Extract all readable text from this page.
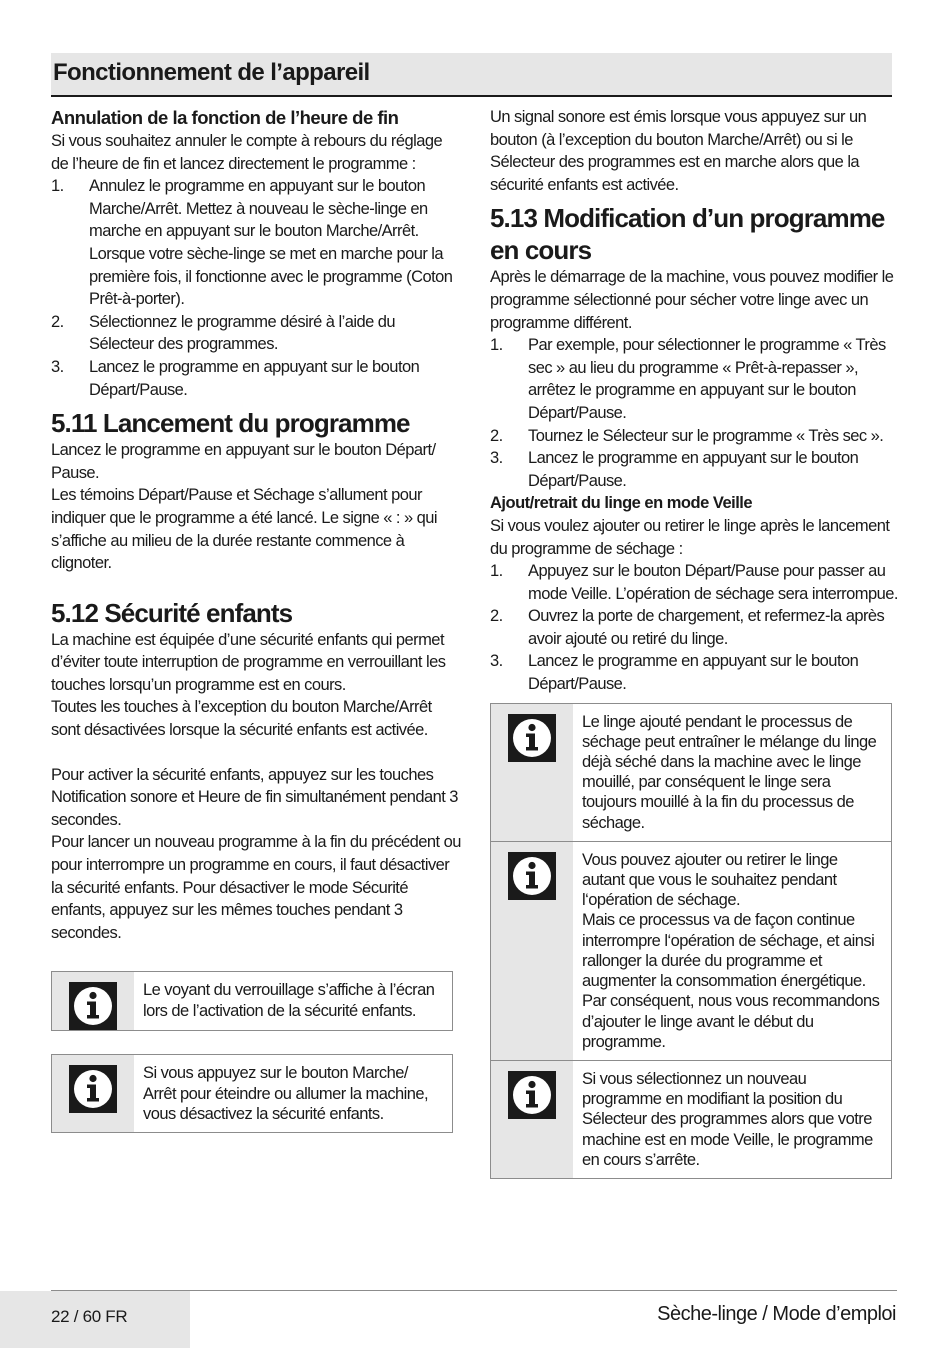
Fonctionnement de l’appareil

Annulation de la fonction de l’heure de fin

Si vous souhaitez annuler le compte à rebours du réglage de l’heure de fin et lancez directement le programme :

1. Annulez le programme en appuyant sur le bouton Marche/Arrêt. Mettez à nouveau le sèche-linge en marche en appuyant sur le bouton Marche/Arrêt. Lorsque votre sèche-linge se met en marche pour la première fois, il fonctionne avec le programme (Coton Prêt-à-porter).
2. Sélectionnez le programme désiré à l’aide du Sélecteur des programmes.
3. Lancez le programme en appuyant sur le bouton Départ/Pause.

5.11 Lancement du programme

Lancez le programme en appuyant sur le bouton Départ/ Pause.

Les témoins Départ/Pause et Séchage s’allument pour indiquer que le programme a été lancé. Le signe « : » qui s’affiche au milieu de la durée restante commence à clignoter.

5.12 Sécurité enfants

La machine est équipée d’une sécurité enfants qui permet d’éviter toute interruption de programme en verrouillant les touches lorsqu’un programme est en cours.

Toutes les touches à l’exception du bouton Marche/Arrêt sont désactivées lorsque la sécurité enfants est activée.

Pour activer la sécurité enfants, appuyez sur les touches Notification sonore et Heure de fin simultanément pendant 3 secondes.

Pour lancer un nouveau programme à la fin du précédent ou pour interrompre un programme en cours, il faut désactiver la sécurité enfants. Pour désactiver le mode Sécurité enfants, appuyez sur les mêmes touches pendant 3 secondes.

Le voyant du verrouillage s’affiche à l’écran lors de l’activation de la sécurité enfants.

Si vous appuyez sur le bouton Marche/ Arrêt pour éteindre ou allumer la machine, vous désactivez la sécurité enfants.

Un signal sonore est émis lorsque vous appuyez sur un bouton (à l’exception du bouton Marche/Arrêt) ou si le Sélecteur des programmes est en marche alors que la sécurité enfants est activée.

5.13 Modification d’un programme en cours

Après le démarrage de la machine, vous pouvez modifier le programme sélectionné pour sécher votre linge avec un programme différent.

1. Par exemple, pour sélectionner le programme « Très sec » au lieu du programme « Prêt-à-repasser », arrêtez le programme en appuyant sur le bouton Départ/Pause.
2. Tournez le Sélecteur sur le programme « Très sec ».
3. Lancez le programme en appuyant sur le bouton Départ/Pause.

Ajout/retrait du linge en mode Veille

Si vous voulez ajouter ou retirer le linge après le lancement du programme de séchage :

1. Appuyez sur le bouton Départ/Pause pour passer au mode Veille. L’opération de séchage sera interrompue.
2. Ouvrez la porte de chargement, et refermez-la après avoir ajouté ou retiré du linge.
3. Lancez le programme en appuyant sur le bouton Départ/Pause.

Le linge ajouté pendant le processus de séchage peut entraîner le mélange du linge déjà séché dans la machine avec le linge mouillé, par conséquent le linge sera toujours mouillé à la fin du processus de séchage.

Vous pouvez ajouter ou retirer le linge autant que vous le souhaitez pendant l‘opération de séchage.
Mais ce processus va de façon continue interrompre l‘opération de séchage, et ainsi rallonger la durée du programme et augmenter la consommation énergétique. Par conséquent, nous vous recommandons d’ajouter le linge avant le début du programme.

Si vous sélectionnez un nouveau programme en modifiant la position du Sélecteur des programmes alors que votre machine est en mode Veille, le programme en cours s’arrête.

22 / 60 FR	Sèche-linge / Mode d’emploi
